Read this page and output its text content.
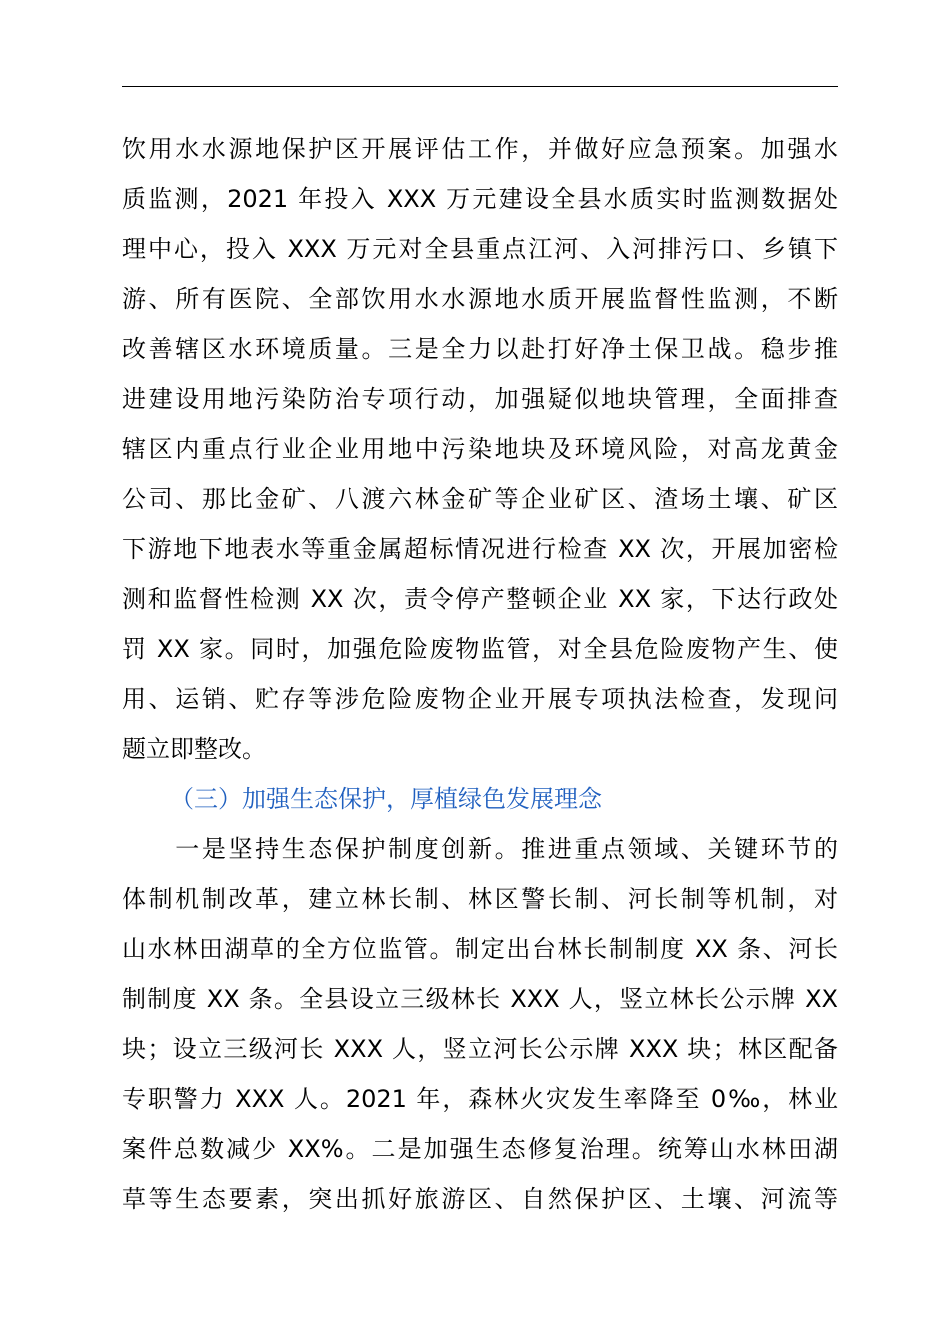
饮用水水源地保护区开展评估工作，并做好应急预案。加强水
质监测，2021 年投入 XXX 万元建设全县水质实时监测数据处
理中心，投入 XXX 万元对全县重点江河、入河排污口、乡镇下
游、所有医院、全部饮用水水源地水质开展监督性监测，不断
改善辖区水环境质量。三是全力以赴打好净土保卫战。稳步推
进建设用地污染防治专项行动，加强疑似地块管理，全面排查
辖区内重点行业企业用地中污染地块及环境风险，对高龙黄金
公司、那比金矿、八渡六林金矿等企业矿区、渣场土壤、矿区
下游地下地表水等重金属超标情况进行检查 XX 次，开展加密检
测和监督性检测 XX 次，责令停产整顿企业 XX 家，下达行政处
罚 XX 家。同时，加强危险废物监管，对全县危险废物产生、使
用、运销、贮存等涉危险废物企业开展专项执法检查，发现问
题立即整改。
（三）加强生态保护，厚植绿色发展理念
　　一是坚持生态保护制度创新。推进重点领域、关键环节的
体制机制改革，建立林长制、林区警长制、河长制等机制，对
山水林田湖草的全方位监管。制定出台林长制制度 XX 条、河长
制制度 XX 条。全县设立三级林长 XXX 人，竖立林长公示牌 XX
块；设立三级河长 XXX 人，竖立河长公示牌 XXX 块；林区配备
专职警力 XXX 人。2021 年，森林火灾发生率降至 0‰，林业
案件总数减少 XX%。二是加强生态修复治理。统筹山水林田湖
草等生态要素，突出抓好旅游区、自然保护区、土壤、河流等
